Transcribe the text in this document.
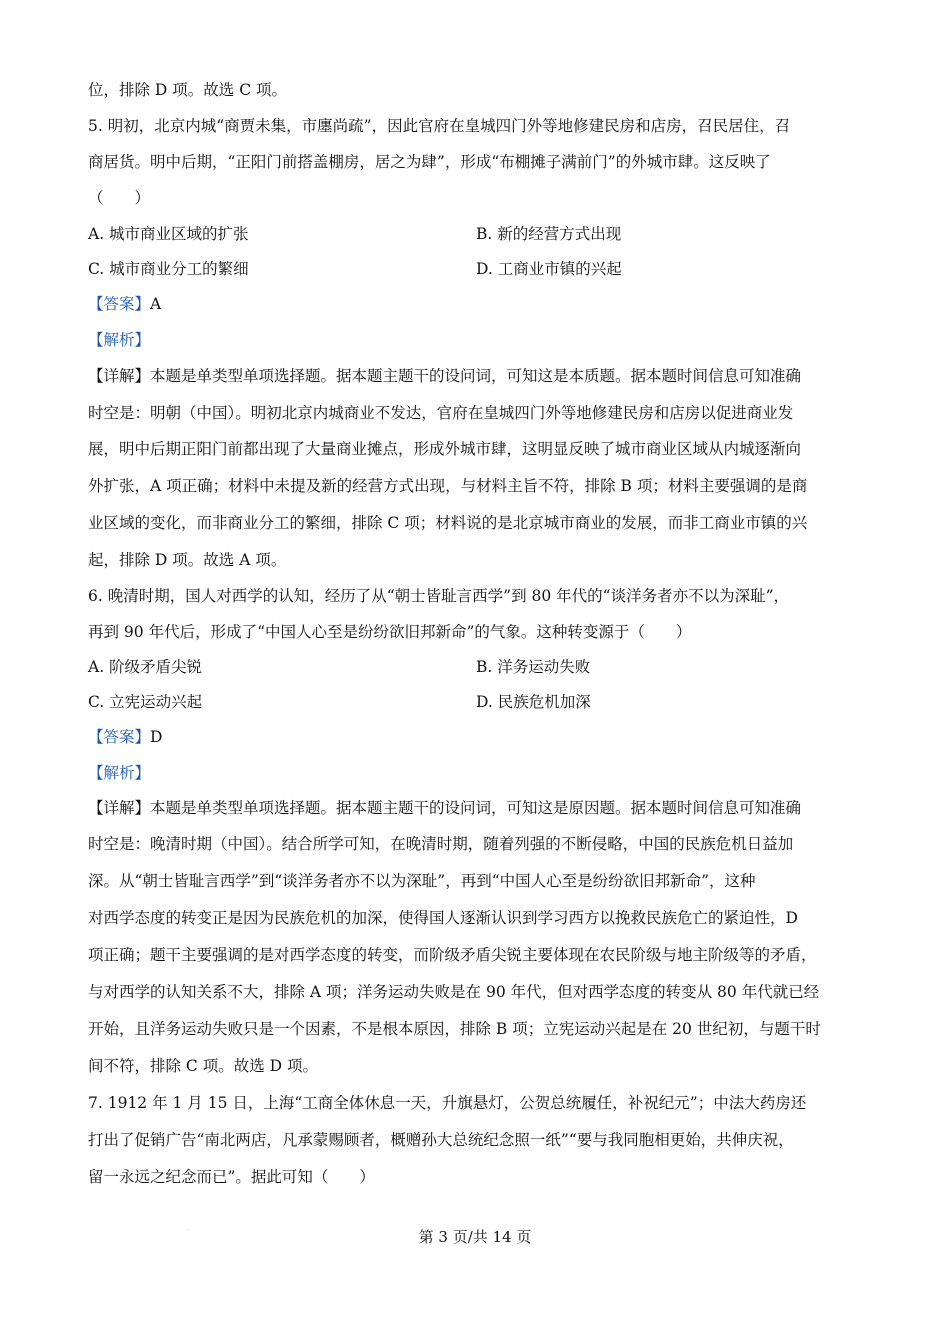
位，排除 D 项。故选 C 项。
5. 明初，北京内城“商贾未集，市廛尚疏”，因此官府在皇城四门外等地修建民房和店房，召民居住，召
商居货。明中后期，“正阳门前搭盖棚房，居之为肆”，形成“布棚摊子满前门”的外城市肆。这反映了
（　　）
A. 城市商业区域的扩张	B. 新的经营方式出现
C. 城市商业分工的繁细	D. 工商业市镇的兴起
【答案】A
【解析】
【详解】本题是单类型单项选择题。据本题主题干的设问词，可知这是本质题。据本题时间信息可知准确
时空是：明朝（中国）。明初北京内城商业不发达，官府在皇城四门外等地修建民房和店房以促进商业发
展，明中后期正阳门前都出现了大量商业摊点，形成外城市肆，这明显反映了城市商业区域从内城逐渐向
外扩张，A 项正确；材料中未提及新的经营方式出现，与材料主旨不符，排除 B 项；材料主要强调的是商
业区域的变化，而非商业分工的繁细，排除 C 项；材料说的是北京城市商业的发展，而非工商业市镇的兴
起，排除 D 项。故选 A 项。
6. 晚清时期，国人对西学的认知，经历了从“朝士皆耻言西学”到 80 年代的“谈洋务者亦不以为深耻”，
再到 90 年代后，形成了“中国人心至是纷纷欲旧邦新命”的气象。这种转变源于（　　）
A. 阶级矛盾尖锐	B. 洋务运动失败
C. 立宪运动兴起	D. 民族危机加深
【答案】D
【解析】
【详解】本题是单类型单项选择题。据本题主题干的设问词，可知这是原因题。据本题时间信息可知准确
时空是：晚清时期（中国）。结合所学可知，在晚清时期，随着列强的不断侵略，中国的民族危机日益加
深。从“朝士皆耻言西学”到“谈洋务者亦不以为深耻”，再到“中国人心至是纷纷欲旧邦新命”，这种
对西学态度的转变正是因为民族危机的加深，使得国人逐渐认识到学习西方以挽救民族危亡的紧迫性，D
项正确；题干主要强调的是对西学态度的转变，而阶级矛盾尖锐主要体现在农民阶级与地主阶级等的矛盾，
与对西学的认知关系不大，排除 A 项；洋务运动失败是在 90 年代，但对西学态度的转变从 80 年代就已经
开始，且洋务运动失败只是一个因素，不是根本原因，排除 B 项；立宪运动兴起是在 20 世纪初，与题干时
间不符，排除 C 项。故选 D 项。
7. 1912 年 1 月 15 日，上海“工商全体休息一天，升旗悬灯，公贺总统履任，补祝纪元”；中法大药房还
打出了促销广告“南北两店，凡承蒙赐顾者，概赠孙大总统纪念照一纸”“要与我同胞相更始，共伸庆祝，
留一永远之纪念而已”。据此可知（　　）
·	第 3 页/共 14 页
